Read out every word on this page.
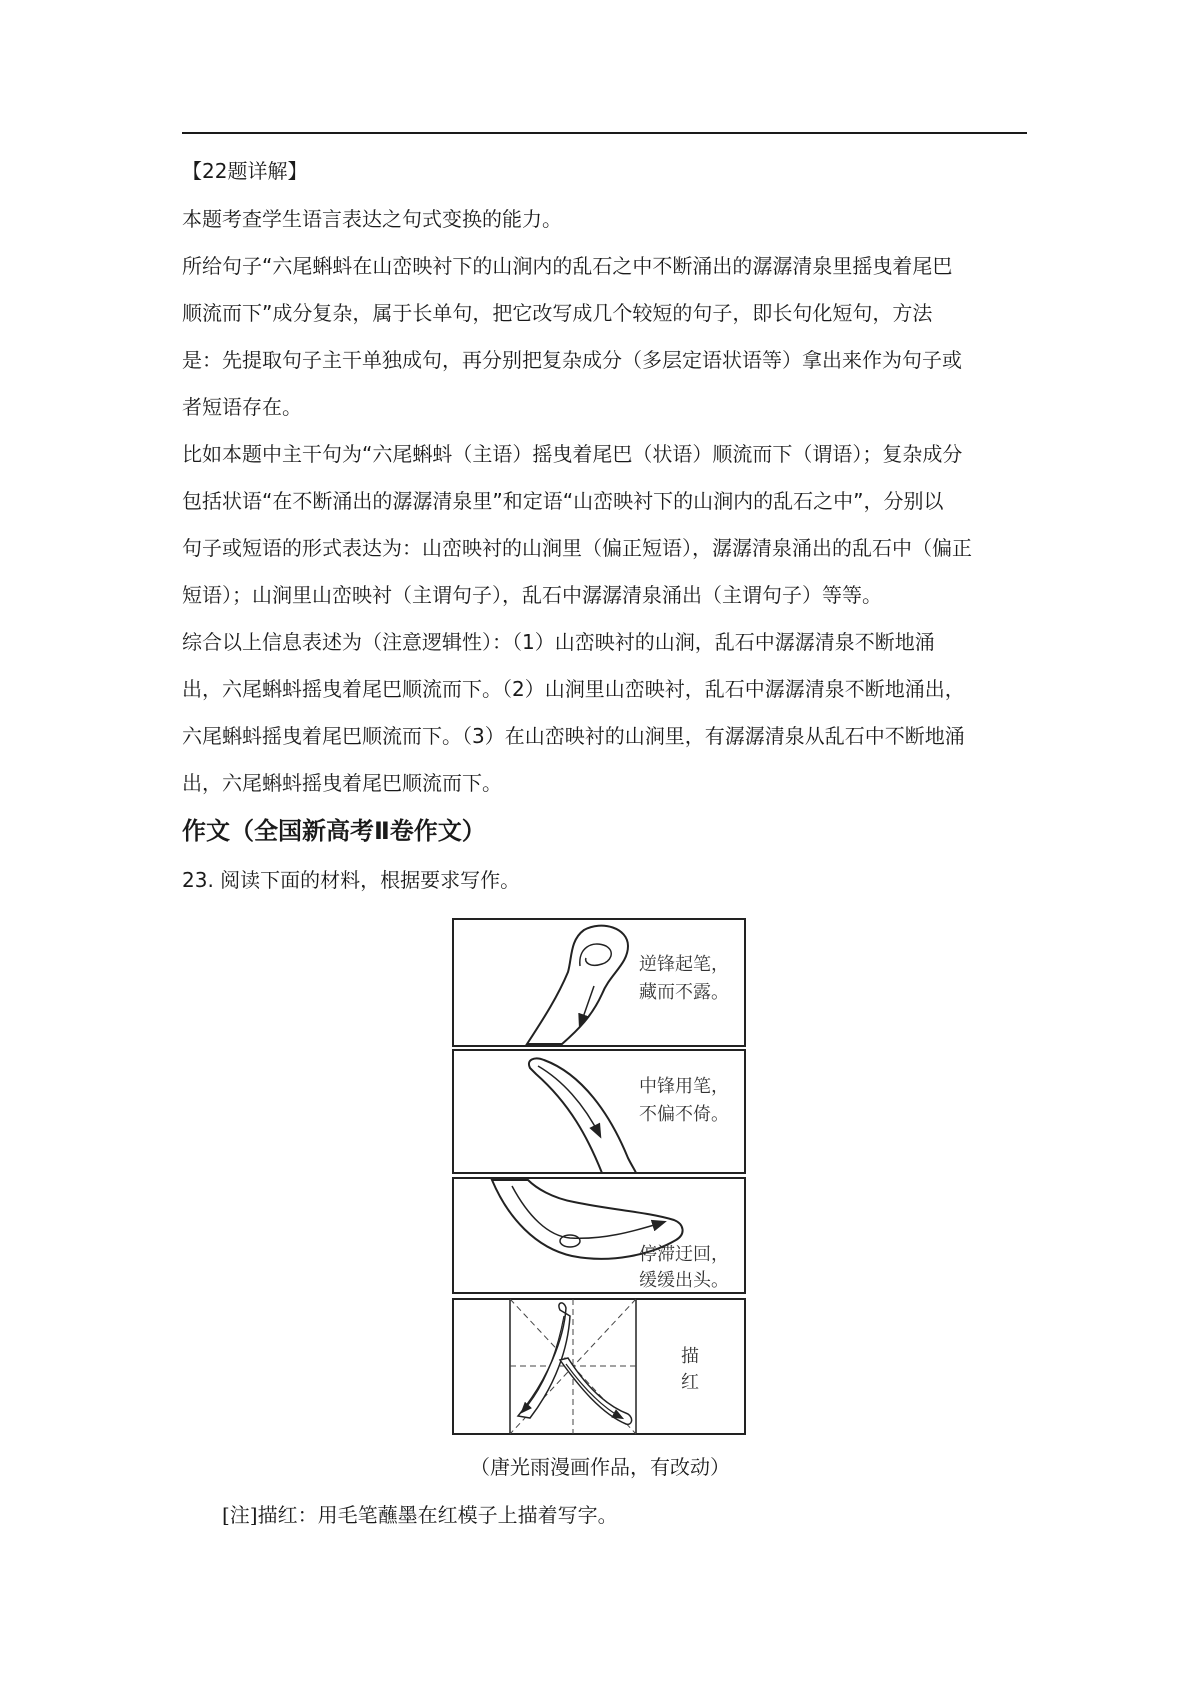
【22题详解】
本题考查学生语言表达之句式变换的能力。
所给句子“六尾蝌蚪在山峦映衬下的山涧内的乱石之中不断涌出的潺潺清泉里摇曳着尾巴
顺流而下”成分复杂，属于长单句，把它改写成几个较短的句子，即长句化短句，方法
是：先提取句子主干单独成句，再分别把复杂成分（多层定语状语等）拿出来作为句子或
者短语存在。
比如本题中主干句为“六尾蝌蚪（主语）摇曳着尾巴（状语）顺流而下（谓语）；复杂成分
包括状语“在不断涌出的潺潺清泉里”和定语“山峦映衬下的山涧内的乱石之中”，分别以
句子或短语的形式表达为：山峦映衬的山涧里（偏正短语），潺潺清泉涌出的乱石中（偏正
短语）；山涧里山峦映衬（主谓句子），乱石中潺潺清泉涌出（主谓句子）等等。
综合以上信息表述为（注意逻辑性）：（1）山峦映衬的山涧，乱石中潺潺清泉不断地涌
出，六尾蝌蚪摇曳着尾巴顺流而下。（2）山涧里山峦映衬，乱石中潺潺清泉不断地涌出，
六尾蝌蚪摇曳着尾巴顺流而下。（3）在山峦映衬的山涧里，有潺潺清泉从乱石中不断地涌
出，六尾蝌蚪摇曳着尾巴顺流而下。
作文（全国新高考Ⅱ卷作文）
23. 阅读下面的材料，根据要求写作。
逆锋起笔，
藏而不露。
中锋用笔，
不偏不倚。
停滞迂回，
缓缓出头。
描
红
（唐光雨漫画作品，有改动）
[注]描红：用毛笔蘸墨在红模子上描着写字。
